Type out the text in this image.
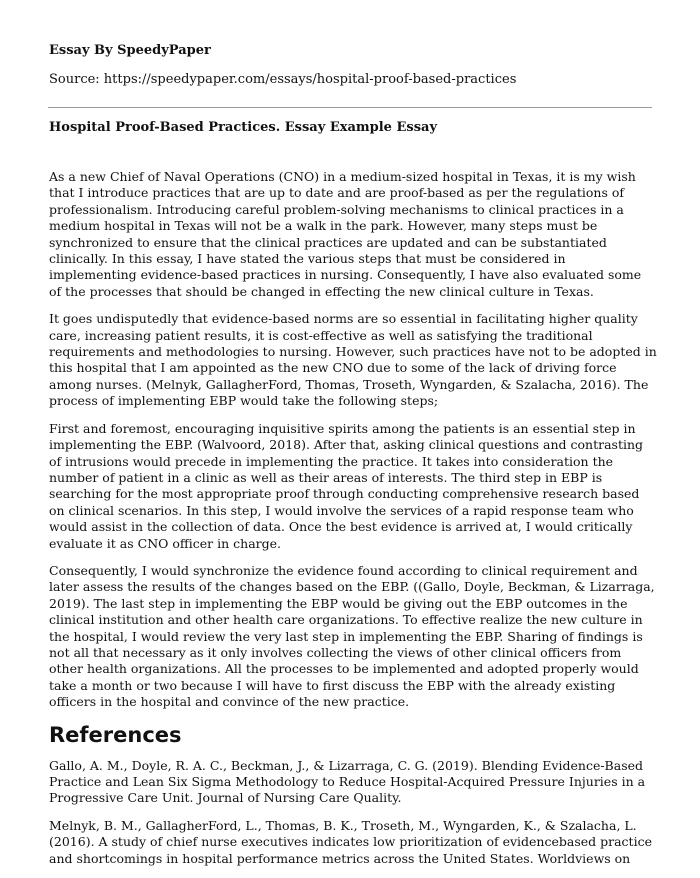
Essay By SpeedyPaper
Source: https://speedypaper.com/essays/hospital-proof-based-practices
Hospital Proof-Based Practices. Essay Example Essay

As a new Chief of Naval Operations (CNO) in a medium-sized hospital in Texas, it is my wish that I introduce practices that are up to date and are proof-based as per the regulations of professionalism. Introducing careful problem-solving mechanisms to clinical practices in a medium hospital in Texas will not be a walk in the park. However, many steps must be synchronized to ensure that the clinical practices are updated and can be substantiated clinically. In this essay, I have stated the various steps that must be considered in implementing evidence-based practices in nursing. Consequently, I have also evaluated some of the processes that should be changed in effecting the new clinical culture in Texas.

It goes undisputedly that evidence-based norms are so essential in facilitating higher quality care, increasing patient results, it is cost-effective as well as satisfying the traditional requirements and methodologies to nursing. However, such practices have not to be adopted in this hospital that I am appointed as the new CNO due to some of the lack of driving force among nurses. (Melnyk, GallagherFord, Thomas, Troseth, Wyngarden, & Szalacha, 2016). The process of implementing EBP would take the following steps;

First and foremost, encouraging inquisitive spirits among the patients is an essential step in implementing the EBP. (Walvoord, 2018). After that, asking clinical questions and contrasting of intrusions would precede in implementing the practice. It takes into consideration the number of patient in a clinic as well as their areas of interests. The third step in EBP is searching for the most appropriate proof through conducting comprehensive research based on clinical scenarios. In this step, I would involve the services of a rapid response team who would assist in the collection of data. Once the best evidence is arrived at, I would critically evaluate it as CNO officer in charge.

Consequently, I would synchronize the evidence found according to clinical requirement and later assess the results of the changes based on the EBP. ((Gallo, Doyle, Beckman, & Lizarraga, 2019). The last step in implementing the EBP would be giving out the EBP outcomes in the clinical institution and other health care organizations. To effective realize the new culture in the hospital, I would review the very last step in implementing the EBP. Sharing of findings is not all that necessary as it only involves collecting the views of other clinical officers from other health organizations. All the processes to be implemented and adopted properly would take a month or two because I will have to first discuss the EBP with the already existing officers in the hospital and convince of the new practice.

References

Gallo, A. M., Doyle, R. A. C., Beckman, J., & Lizarraga, C. G. (2019). Blending Evidence-Based Practice and Lean Six Sigma Methodology to Reduce Hospital-Acquired Pressure Injuries in a Progressive Care Unit. Journal of Nursing Care Quality.

Melnyk, B. M., GallagherFord, L., Thomas, B. K., Troseth, M., Wyngarden, K., & Szalacha, L. (2016). A study of chief nurse executives indicates low prioritization of evidencebased practice and shortcomings in hospital performance metrics across the United States. Worldviews on
